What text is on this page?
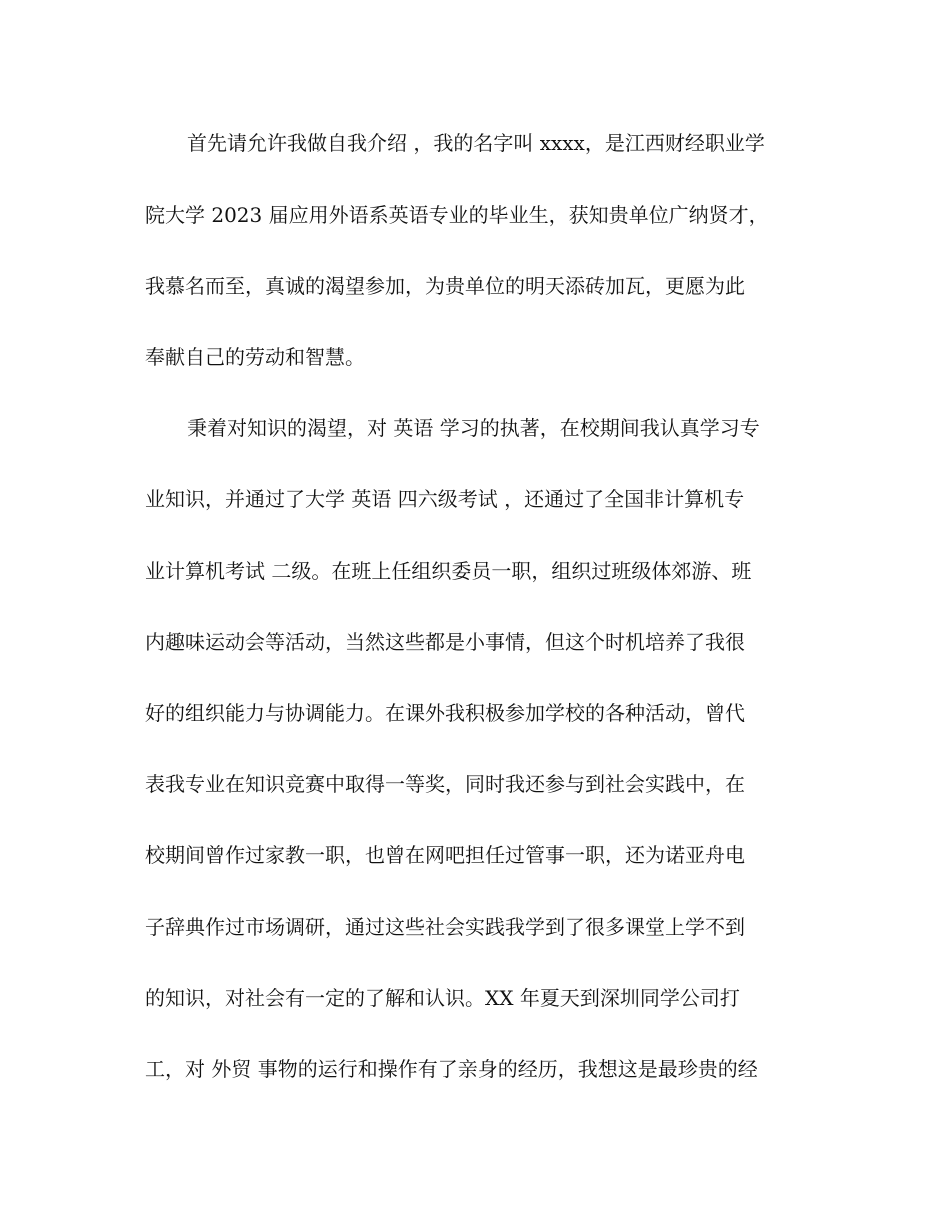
首先请允许我做自我介绍 ，我的名字叫 xxxx，是江西财经职业学
院大学 2023 届应用外语系英语专业的毕业生，获知贵单位广纳贤才，
我慕名而至，真诚的渴望参加，为贵单位的明天添砖加瓦，更愿为此
奉献自己的劳动和智慧。
秉着对知识的渴望，对 英语 学习的执著，在校期间我认真学习专
业知识，并通过了大学 英语 四六级考试 ，还通过了全国非计算机专
业计算机考试 二级。在班上任组织委员一职，组织过班级体郊游、班
内趣味运动会等活动，当然这些都是小事情，但这个时机培养了我很
好的组织能力与协调能力。在课外我积极参加学校的各种活动，曾代
表我专业在知识竞赛中取得一等奖，同时我还参与到社会实践中，在
校期间曾作过家教一职，也曾在网吧担任过管事一职，还为诺亚舟电
子辞典作过市场调研，通过这些社会实践我学到了很多课堂上学不到
的知识，对社会有一定的了解和认识。XX 年夏天到深圳同学公司打
工，对 外贸 事物的运行和操作有了亲身的经历，我想这是最珍贵的经
